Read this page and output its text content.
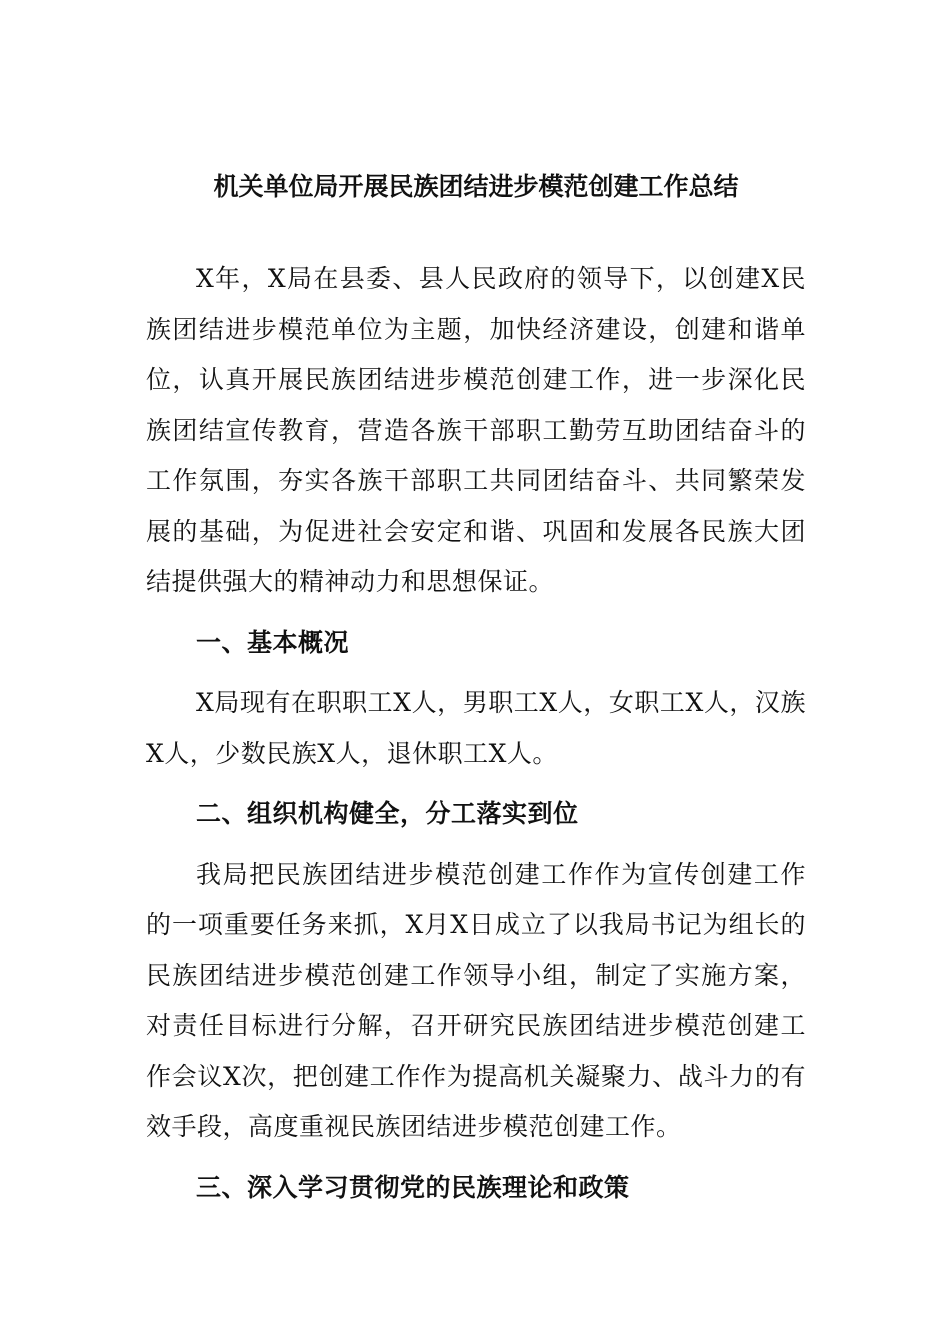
机关单位局开展民族团结进步模范创建工作总结

X年，X局在县委、县人民政府的领导下，以创建X民族团结进步模范单位为主题，加快经济建设，创建和谐单位，认真开展民族团结进步模范创建工作，进一步深化民族团结宣传教育，营造各族干部职工勤劳互助团结奋斗的工作氛围，夯实各族干部职工共同团结奋斗、共同繁荣发展的基础，为促进社会安定和谐、巩固和发展各民族大团结提供强大的精神动力和思想保证。

一、基本概况

X局现有在职职工X人，男职工X人，女职工X人，汉族X人，少数民族X人，退休职工X人。

二、组织机构健全，分工落实到位

我局把民族团结进步模范创建工作作为宣传创建工作的一项重要任务来抓，X月X日成立了以我局书记为组长的民族团结进步模范创建工作领导小组，制定了实施方案，对责任目标进行分解，召开研究民族团结进步模范创建工作会议X次，把创建工作作为提高机关凝聚力、战斗力的有效手段，高度重视民族团结进步模范创建工作。

三、深入学习贯彻党的民族理论和政策
